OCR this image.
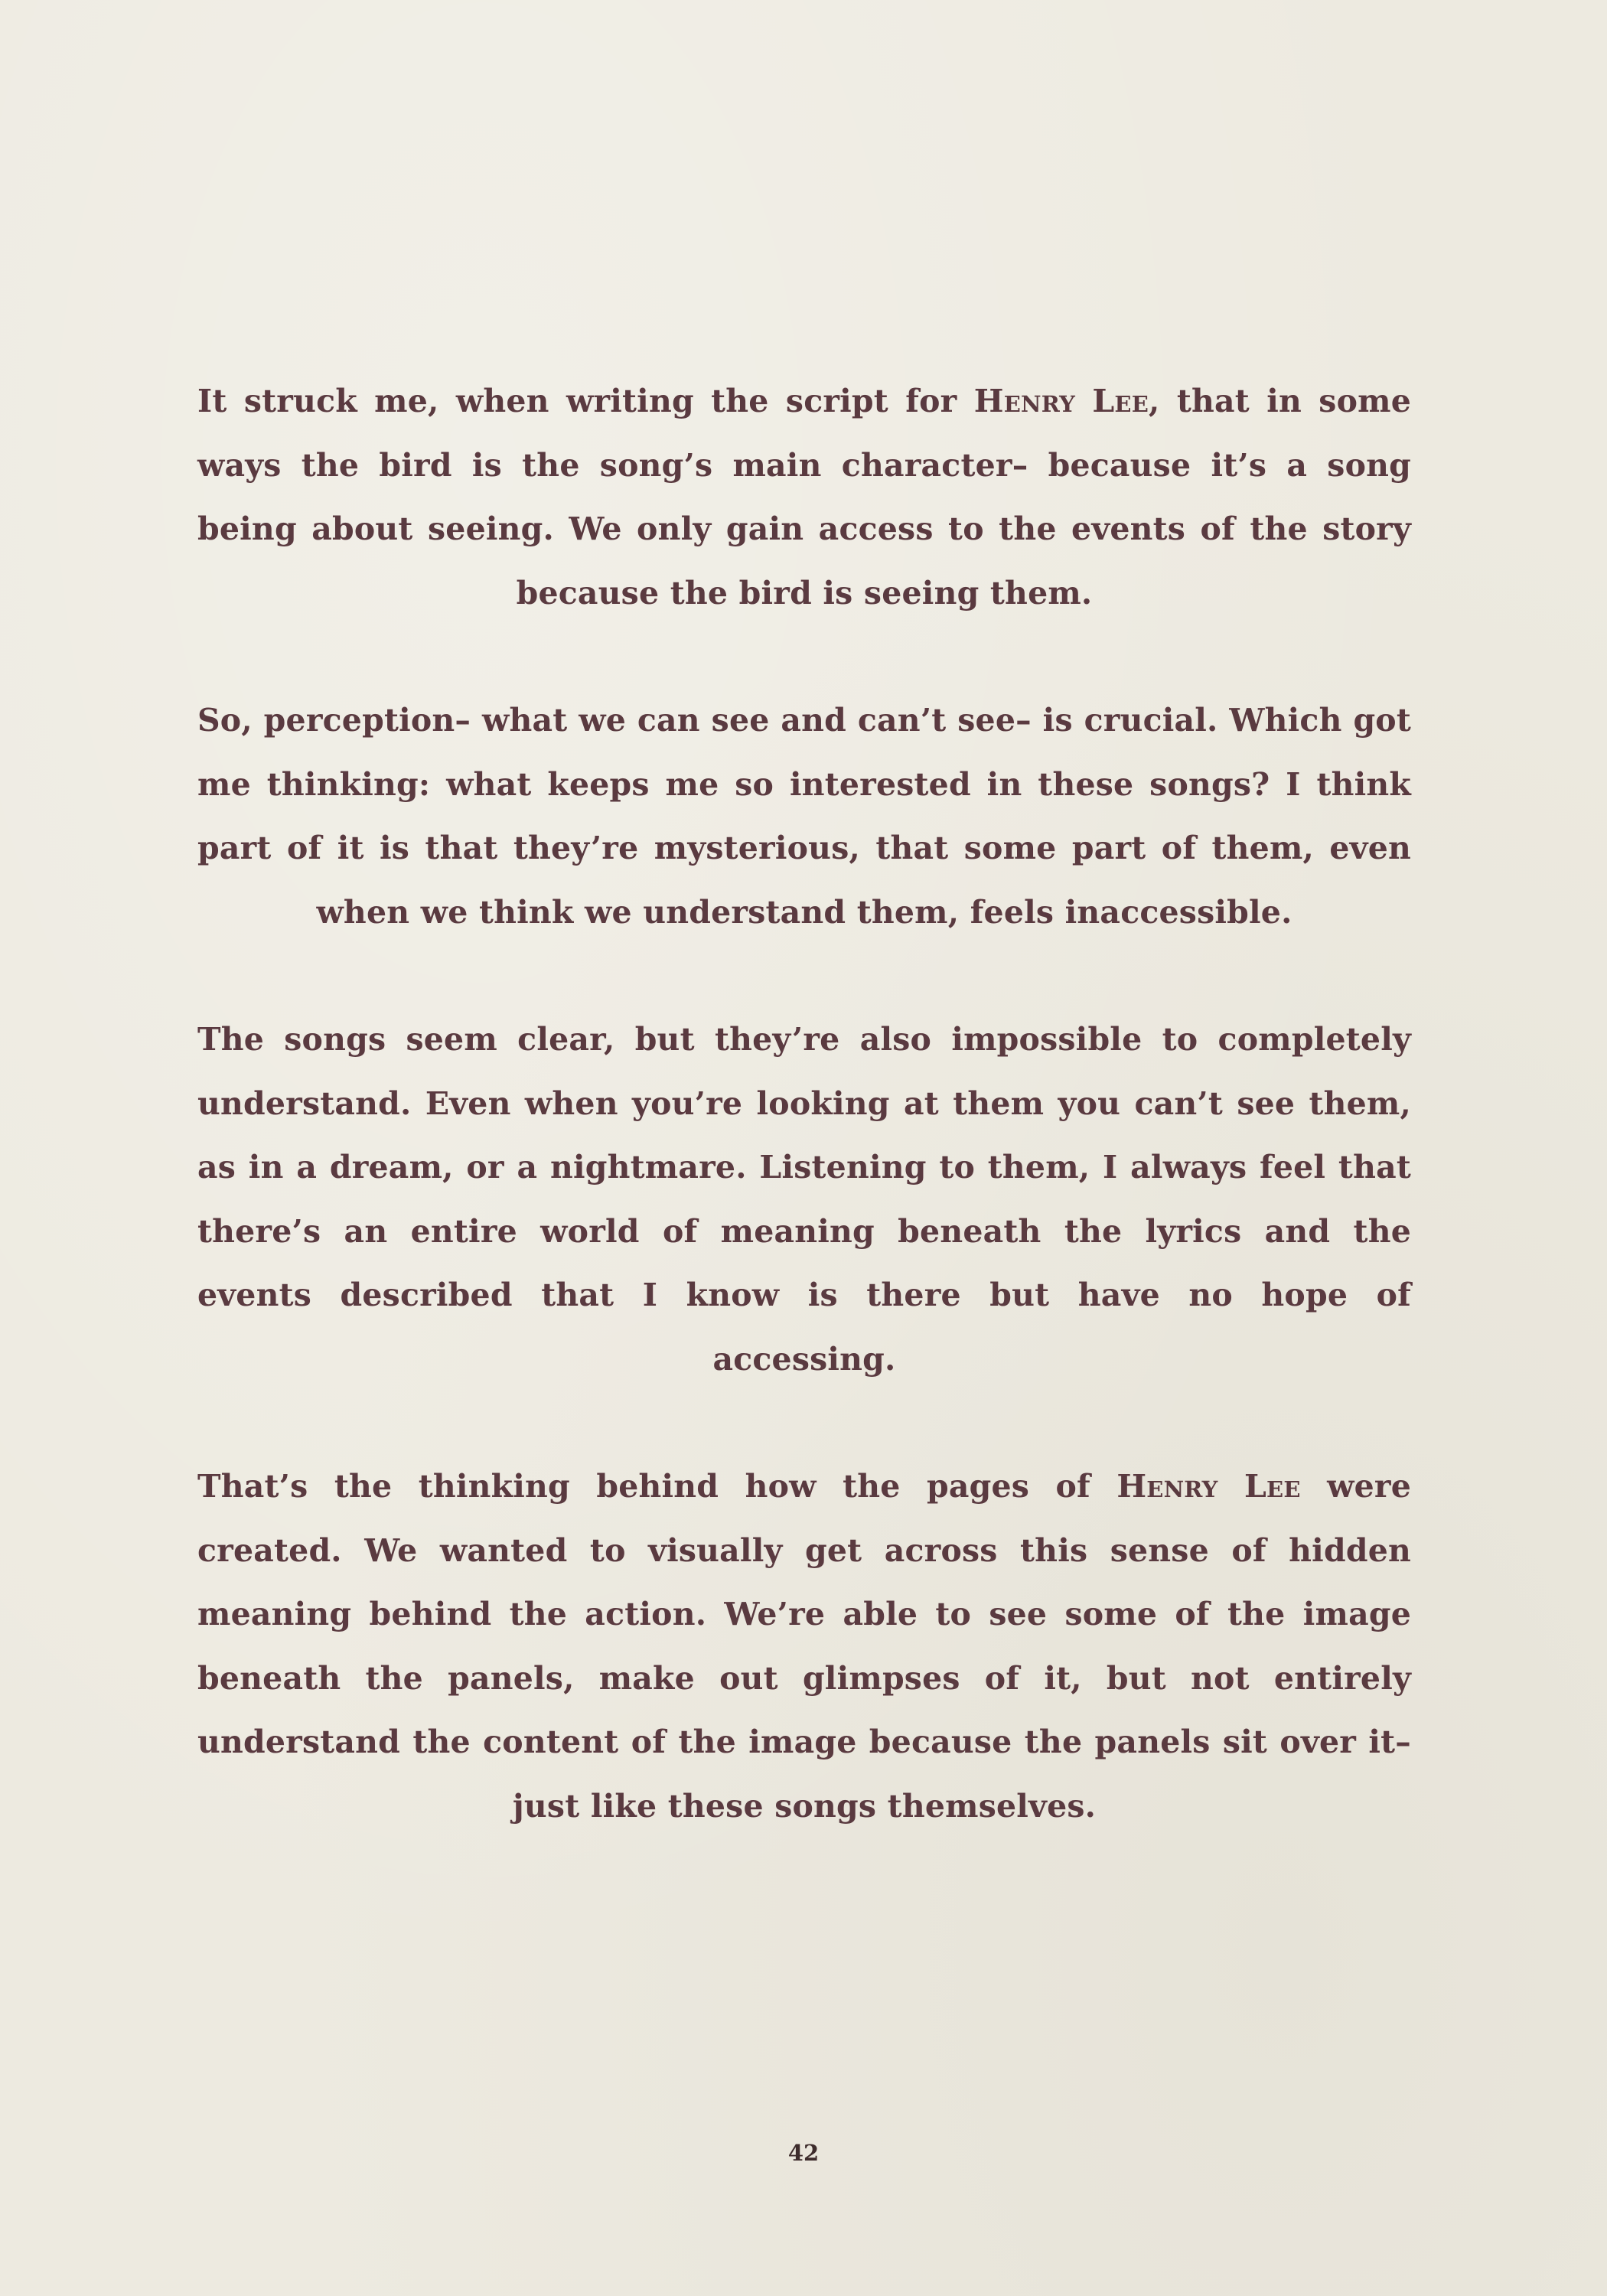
It struck me, when writing the script for Henry Lee, that in some ways the bird is the song’s main character– because it’s a song being about seeing. We only gain access to the events of the story because the bird is seeing them.

So, perception– what we can see and can’t see– is crucial. Which got me thinking: what keeps me so interested in these songs? I think part of it is that they’re mysterious, that some part of them, even when we think we understand them, feels inaccessible.

The songs seem clear, but they’re also impossible to completely understand. Even when you’re looking at them you can’t see them, as in a dream, or a nightmare. Listening to them, I always feel that there’s an entire world of meaning beneath the lyrics and the events described that I know is there but have no hope of accessing.

That’s the thinking behind how the pages of Henry Lee were created. We wanted to visually get across this sense of hidden meaning behind the action. We’re able to see some of the image beneath the panels, make out glimpses of it, but not entirely understand the content of the image because the panels sit over it– just like these songs themselves.

42
